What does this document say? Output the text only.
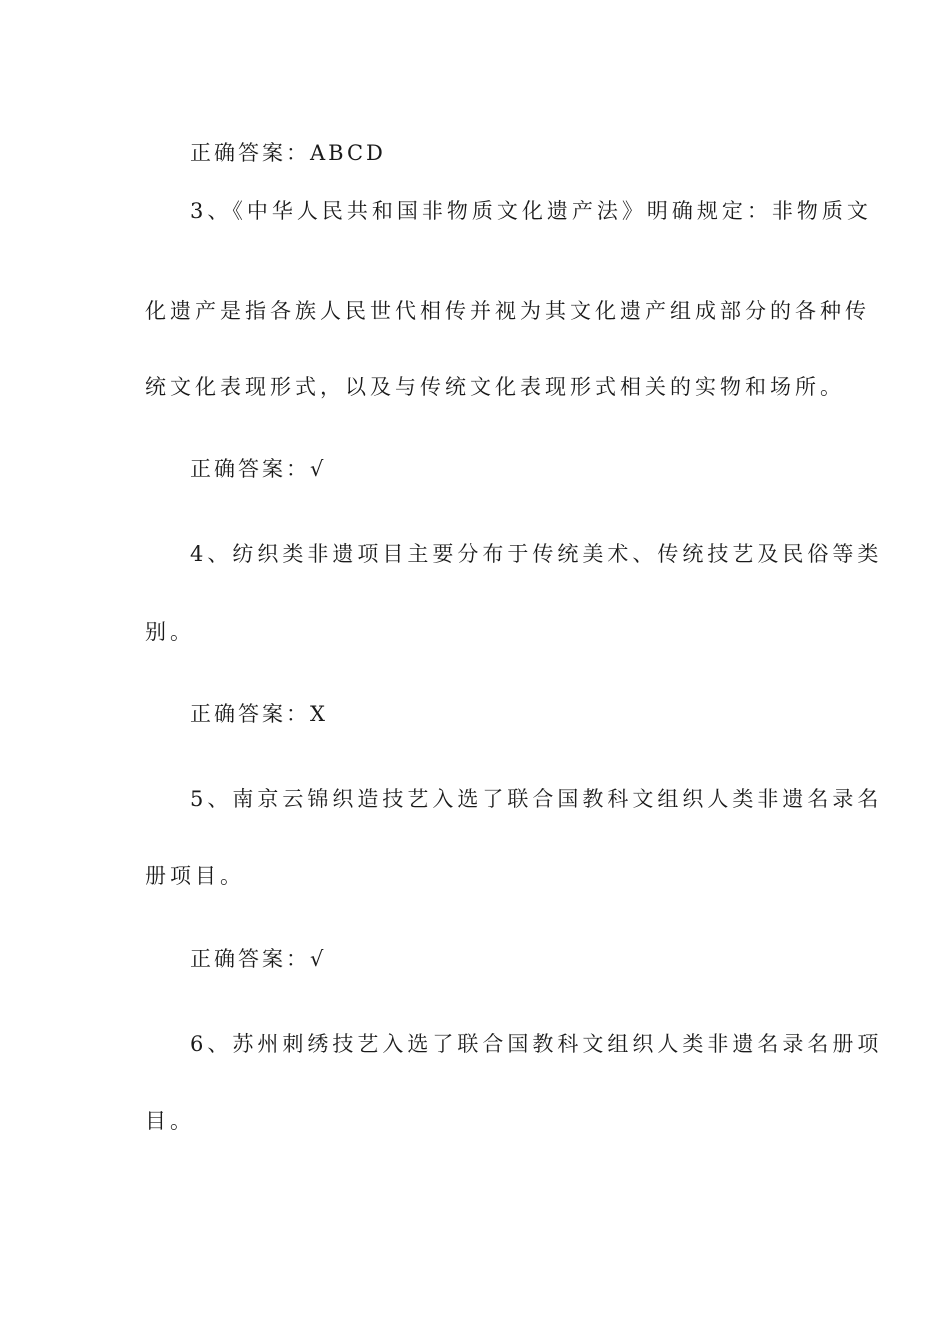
正确答案：ABCD
3、《中华人民共和国非物质文化遗产法》明确规定：非物质文
化遗产是指各族人民世代相传并视为其文化遗产组成部分的各种传
统文化表现形式，以及与传统文化表现形式相关的实物和场所。
正确答案：√
4、纺织类非遗项目主要分布于传统美术、传统技艺及民俗等类
别。
正确答案：X
5、南京云锦织造技艺入选了联合国教科文组织人类非遗名录名
册项目。
正确答案：√
6、苏州刺绣技艺入选了联合国教科文组织人类非遗名录名册项
目。
